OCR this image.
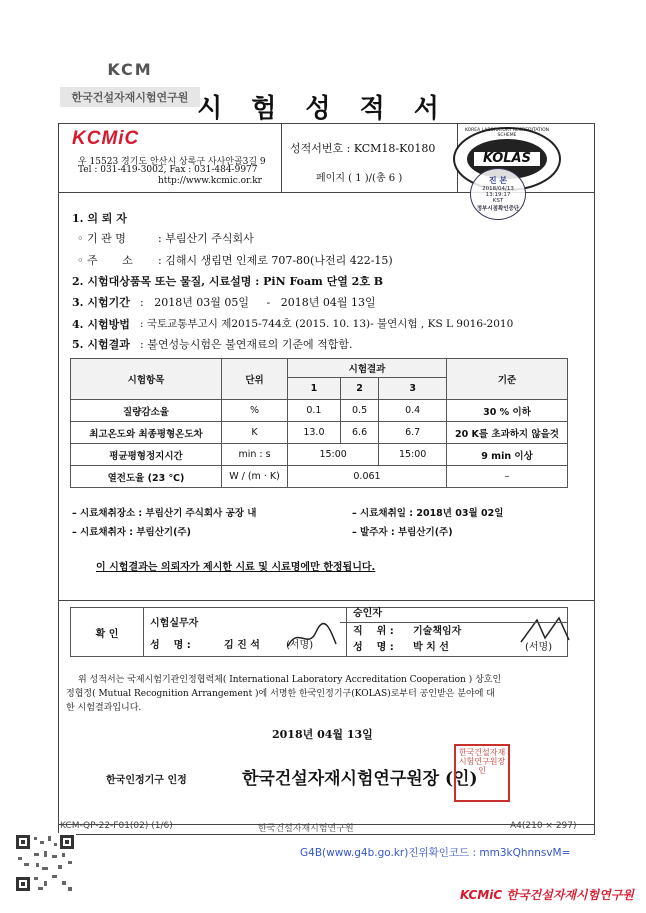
KCM
한국건설자재시험연구원 시 험 성 적 서
KCMiC
우 15523 경기도 안산시 상록구 사사안골3길 9
Tel : 031-419-3002, Fax : 031-484-9977
http://www.kcmic.or.kr
성적서번호 : KCM18-K0180
페이지 ( 1 )/(총 6 )
KOLAS
KOREA LABORATORY ACCREDITATION SCHEME
진 본
2018/04/13
13:19:17
KST
정부시점확인증단
1. 의 뢰 자
◦ 기 관 명	: 부림산기 주식회사
◦ 주       소 : 김해시 생림면 인제로 707-80(나전리 422-15)
2. 시험대상품목 또는 물질, 시료설명 : PiN Foam 단열 2호 B
3. 시험기간 :   2018년 03월 05일     -   2018년 04월 13일
4. 시험방법 : 국토교통부고시 제2015-744호 (2015. 10. 13)- 불연시험 , KS L 9016-2010
5. 시험결과 : 불연성능시험은 불연재료의 기준에 적합함.
시험항목	단위	시험결과			기준
		1	2	3	
질량감소율	%	0.1	0.5	0.4	30 % 이하
최고온도와 최종평형온도차	K	13.0	6.6	6.7	20 K를 초과하지 않을것
평균평형정지시간	min : s	15:00		15:00	9 min 이상
열전도율 (23 ℃)	W / (m · K)	0.061			–
– 시료채취장소 : 부림산기 주식회사 공장 내	– 시료채취일 : 2018년 03월 02일
– 시료채취자 : 부림산기(주)	– 발주자 : 부림산기(주)
이 시험결과는 의뢰자가 제시한 시료 및 시료명에만 한정됩니다.
확 인	
시험실무자
성    명 :	김 진 석	(서명)

승인자
직    위 : 기술책임자
성    명 : 박 치 선	(서명)
위 성적서는 국제시험기관인정협력체( International Laboratory Accreditation Cooperation ) 상호인
정협정( Mutual Recognition Arrangement )에 서명한 한국인정기구(KOLAS)로부터 공인받은 분야에 대
한 시험결과입니다.
2018년 04월 13일
한국인정기구 인정	한국건설자재시험연구원장 (인)
한국건설자재시험연구원장인
KCM-QP-22-F01(02) (1/6)	한국건설자재시험연구원	A4(210 × 297)
G4B(www.g4b.go.kr)진위확인코드 : mm3kQhnnsvM=
KCMiC 한국건설자재시험연구원
